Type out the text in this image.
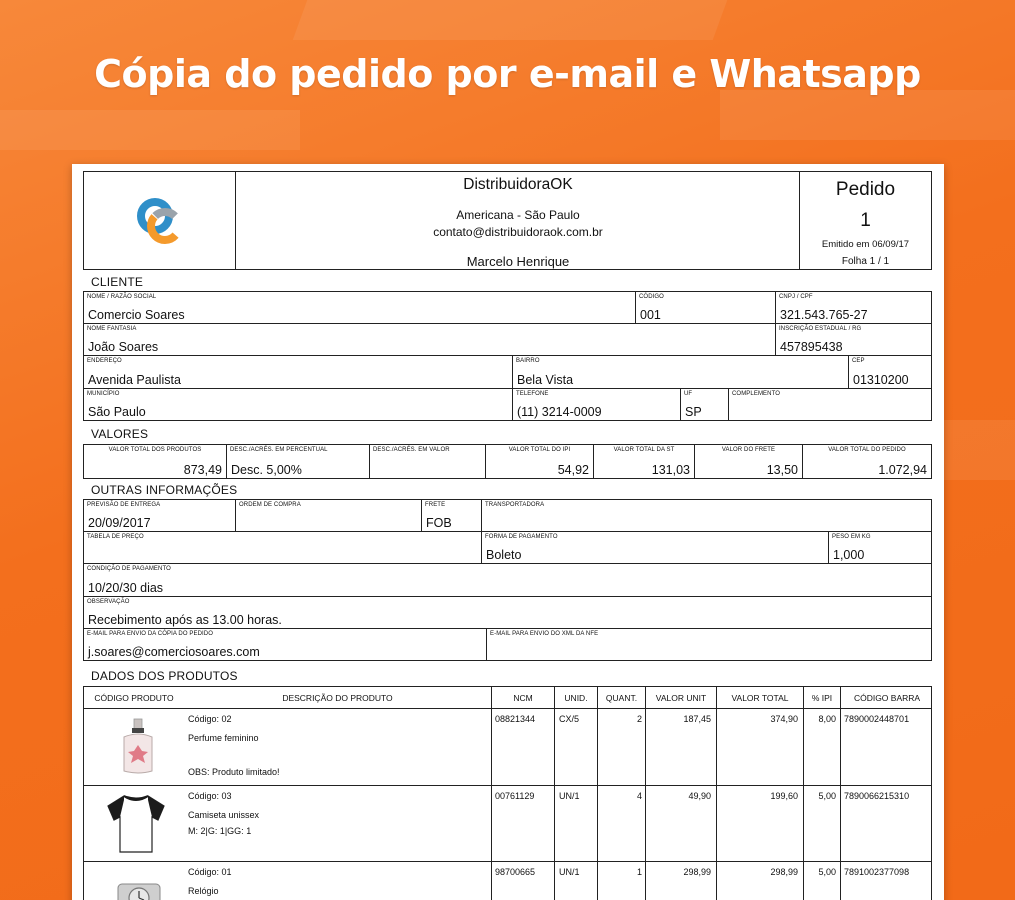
Cópia do pedido por e-mail e Whatsapp
DistribuidoraOK
Americana - São Paulo
contato@distribuidoraok.com.br
Marcelo Henrique
Pedido
1
Emitido em 06/09/17
Folha 1 / 1
CLIENTE
NOME / RAZÃO SOCIAL
Comercio Soares
CÓDIGO
001
CNPJ / CPF
321.543.765-27
NOME FANTASIA
João Soares
INSCRIÇÃO ESTADUAL / RG
457895438
ENDEREÇO
Avenida Paulista
BAIRRO
Bela Vista
CEP
01310200
MUNICÍPIO
São Paulo
TELEFONE
(11) 3214-0009
UF
SP
COMPLEMENTO
VALORES
VALOR TOTAL DOS PRODUTOS
873,49
DESC./ACRÉS. EM PERCENTUAL
Desc. 5,00%
DESC./ACRÉS. EM VALOR	VALOR TOTAL DO IPI
54,92
VALOR TOTAL DA ST
131,03
VALOR DO FRETE
13,50
VALOR TOTAL DO PEDIDO
1.072,94
OUTRAS INFORMAÇÕES
PREVISÃO DE ENTREGA
20/09/2017
ORDEM DE COMPRA	FRETE
FOB
TRANSPORTADORA
TABELA DE PREÇO	FORMA DE PAGAMENTO
Boleto
PESO EM KG
1,000
CONDIÇÃO DE PAGAMENTO
10/20/30 dias
OBSERVAÇÃO
Recebimento após as 13.00 horas.
E-MAIL PARA ENVIO DA CÓPIA DO PEDIDO
j.soares@comerciosoares.com
E-MAIL PARA ENVIO DO XML DA NFE
DADOS DOS PRODUTOS
CÓDIGO PRODUTO	DESCRIÇÃO DO PRODUTO	NCM	UNID.	QUANT.	VALOR UNIT	VALOR TOTAL	% IPI	CÓDIGO BARRA
Código: 02
Perfume feminino
OBS: Produto limitado!
08821344	CX/5	2	187,45	374,90 8,00 7890002448701
Código: 03
Camiseta unissex
M: 2|G: 1|GG: 1
00761129	UN/1	4	49,90	199,60 5,00 7890066215310
Código: 01
Relógio
98700665	UN/1	1	298,99	298,99 5,00 7891002377098
